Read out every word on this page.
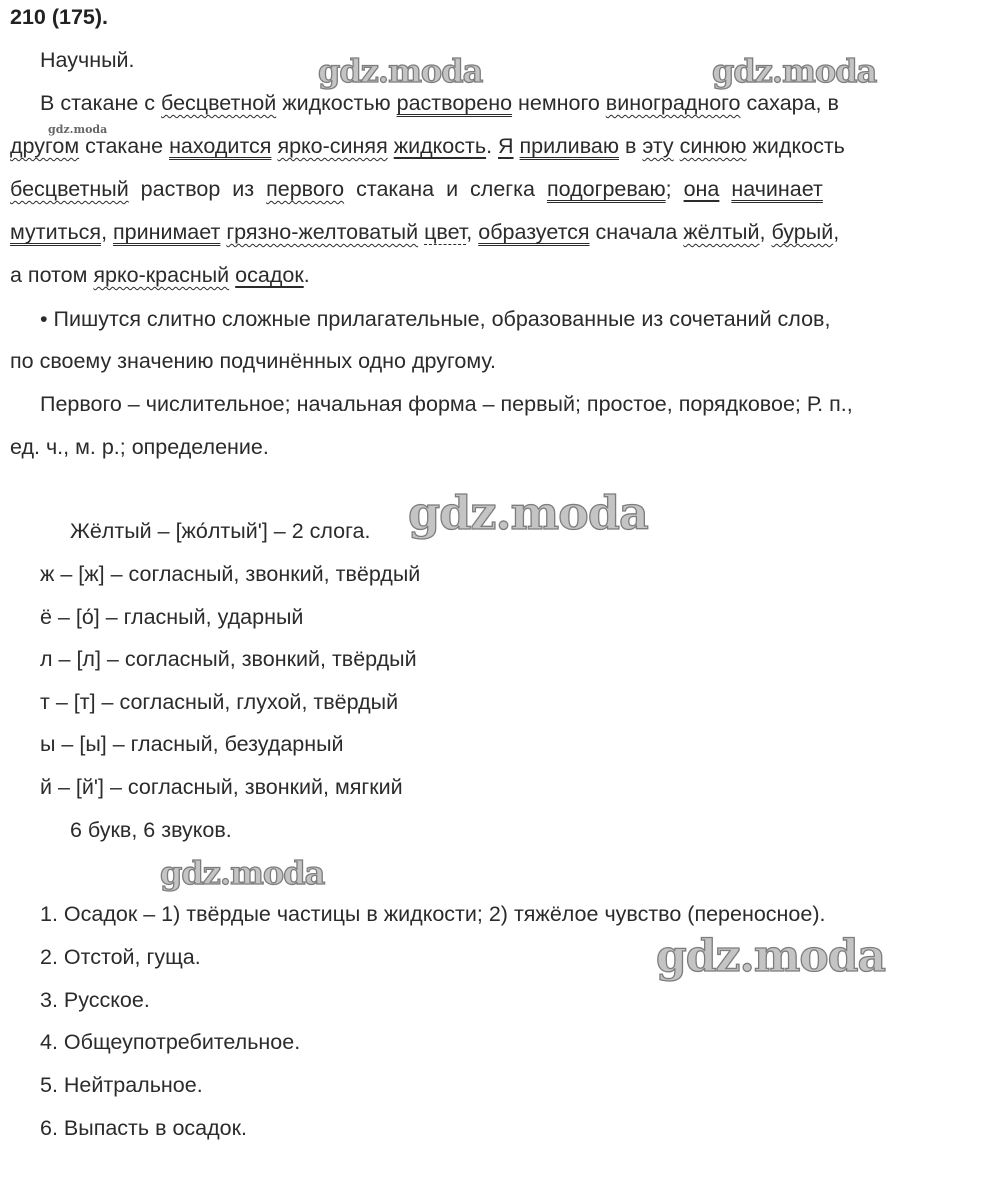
210 (175).
Научный.
В стакане с бесцветной жидкостью растворено немного виноградного сахара, в
другом стакане находится ярко-синяя жидкость. Я приливаю в эту синюю жидкость
бесцветный раствор из первого стакана и слегка подогреваю; она начинает
мутиться, принимает грязно-желтоватый цвет, образуется сначала жёлтый, бурый,
а потом ярко-красный осадок.
• Пишутся слитно сложные прилагательные, образованные из сочетаний слов,
по своему значению подчинённых одно другому.
Первого – числительное; начальная форма – первый; простое, порядковое; Р. п.,
ед. ч., м. р.; определение.
Жёлтый – [жо́лтый'] – 2 слога.
ж – [ж] – согласный, звонкий, твёрдый
ё – [о́] – гласный, ударный
л – [л] – согласный, звонкий, твёрдый
т – [т] – согласный, глухой, твёрдый
ы – [ы] – гласный, безударный
й – [й'] – согласный, звонкий, мягкий
6 букв, 6 звуков.
1. Осадок – 1) твёрдые частицы в жидкости; 2) тяжёлое чувство (переносное).
2. Отстой, гуща.
3. Русское.
4. Общеупотребительное.
5. Нейтральное.
6. Выпасть в осадок.
gdz.moda	gdz.moda
gdz.moda
gdz.moda
gdz.moda
gdz.moda
